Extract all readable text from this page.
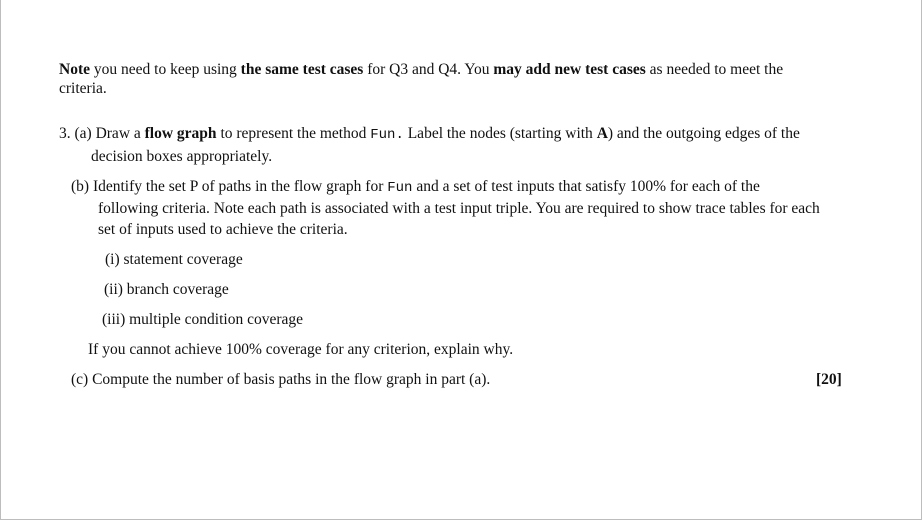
Note you need to keep using the same test cases for Q3 and Q4. You may add new test cases as needed to meet the
criteria.
3. (a) Draw a flow graph to represent the method Fun. Label the nodes (starting with A) and the outgoing edges of the
decision boxes appropriately.
(b) Identify the set P of paths in the flow graph for Fun and a set of test inputs that satisfy 100% for each of the
following criteria. Note each path is associated with a test input triple. You are required to show trace tables for each
set of inputs used to achieve the criteria.
(i) statement coverage
(ii) branch coverage
(iii) multiple condition coverage
If you cannot achieve 100% coverage for any criterion, explain why.
(c) Compute the number of basis paths in the flow graph in part (a).	[20]
